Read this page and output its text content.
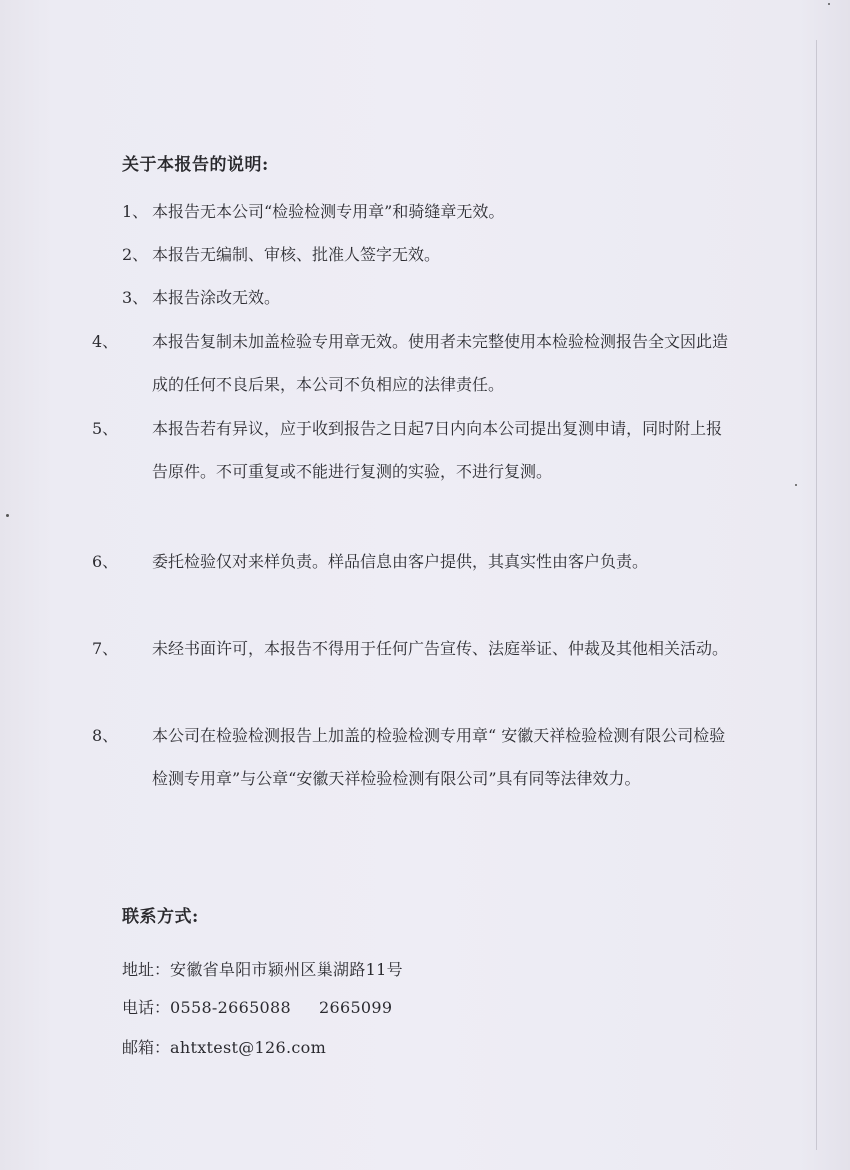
关于本报告的说明:
1、 本报告无本公司“检验检测专用章”和骑缝章无效。
2、 本报告无编制、审核、批准人签字无效。
3、 本报告涂改无效。
4、 本报告复制未加盖检验专用章无效。使用者未完整使用本检验检测报告全文因此造成的任何不良后果，本公司不负相应的法律责任。
5、 本报告若有异议，应于收到报告之日起7日内向本公司提出复测申请，同时附上报告原件。不可重复或不能进行复测的实验，不进行复测。
6、 委托检验仅对来样负责。样品信息由客户提供，其真实性由客户负责。
7、 未经书面许可，本报告不得用于任何广告宣传、法庭举证、仲裁及其他相关活动。
8、 本公司在检验检测报告上加盖的检验检测专用章“ 安徽天祥检验检测有限公司检验检测专用章”与公章“安徽天祥检验检测有限公司”具有同等法律效力。
联系方式:
地址：安徽省阜阳市颍州区巢湖路11号
电话：0558-2665088 2665099
邮箱：ahtxtest@126.com
